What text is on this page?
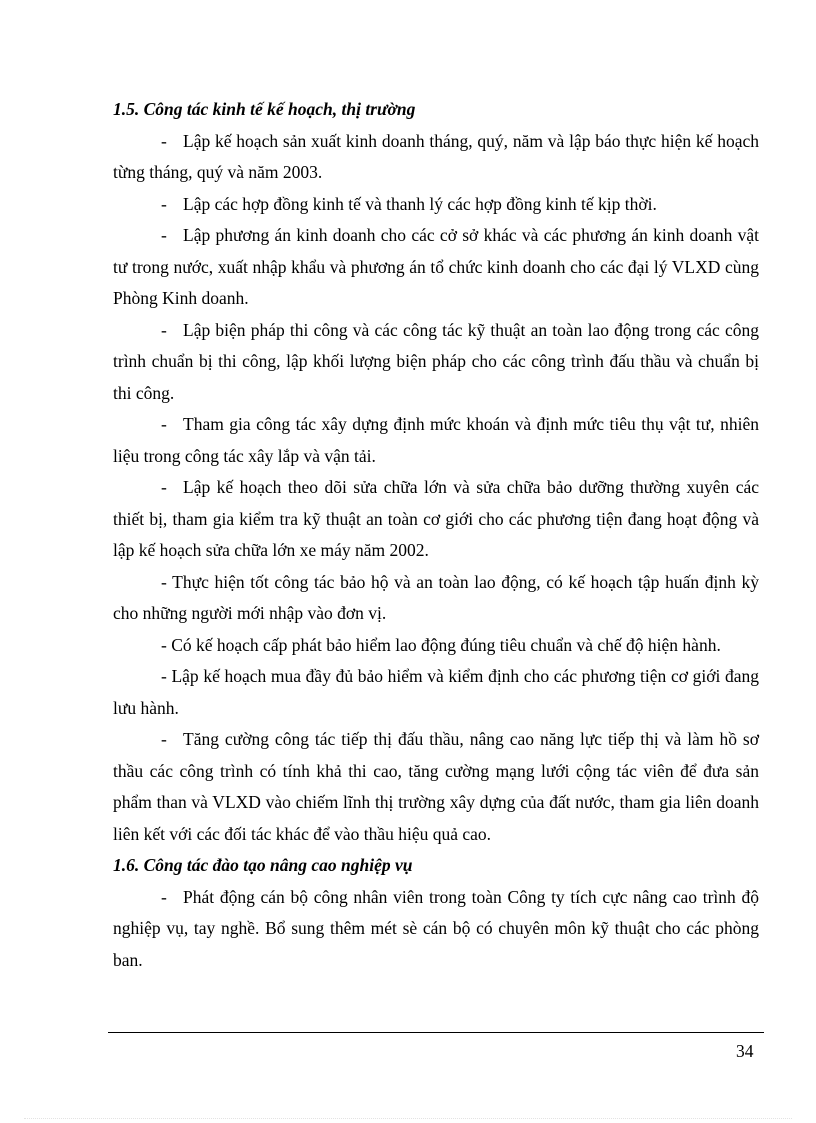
1.5. Công tác kinh tế kế hoạch, thị trường

- Lập kế hoạch sản xuất kinh doanh tháng, quý, năm và lập báo thực hiện kế hoạch từng tháng, quý và năm 2003.

- Lập các hợp đồng kinh tế và thanh lý các hợp đồng kinh tế kịp thời.

- Lập phương án kinh doanh cho các cở sở khác và các phương án kinh doanh vật tư trong nước, xuất nhập khẩu và phương án tổ chức kinh doanh cho các đại lý VLXD cùng Phòng Kinh doanh.

- Lập biện pháp thi công và các công tác kỹ thuật an toàn lao động trong các công trình chuẩn bị thi công, lập khối lượng biện pháp cho các công trình đấu thầu và chuẩn bị thi công.

- Tham gia công tác xây dựng định mức khoán và định mức tiêu thụ vật tư, nhiên liệu trong công tác xây lắp và vận tải.

- Lập kế hoạch theo dõi sửa chữa lớn và sửa chữa bảo dưỡng thường xuyên các thiết bị, tham gia kiểm tra kỹ thuật an toàn cơ giới cho các phương tiện đang hoạt động và lập kế hoạch sửa chữa lớn xe máy năm 2002.

- Thực hiện tốt công tác bảo hộ và an toàn lao động, có kế hoạch tập huấn định kỳ cho những người mới nhập vào đơn vị.

- Có kế hoạch cấp phát bảo hiểm lao động đúng tiêu chuẩn và chế độ hiện hành.

- Lập kế hoạch mua đầy đủ bảo hiểm và kiểm định cho các phương tiện cơ giới đang lưu hành.

- Tăng cường công tác tiếp thị đấu thầu, nâng cao năng lực tiếp thị và làm hồ sơ thầu các công trình có tính khả thi cao, tăng cường mạng lưới cộng tác viên để đưa sản phẩm than và VLXD vào chiếm lĩnh thị trường xây dựng của đất nước, tham gia liên doanh liên kết với các đối tác khác để vào thầu hiệu quả cao.

1.6. Công tác đào tạo nâng cao nghiệp vụ

- Phát động cán bộ công nhân viên trong toàn Công ty tích cực nâng cao trình độ nghiệp vụ, tay nghề. Bổ sung thêm mét sè cán bộ có chuyên môn kỹ thuật cho các phòng ban.

34
